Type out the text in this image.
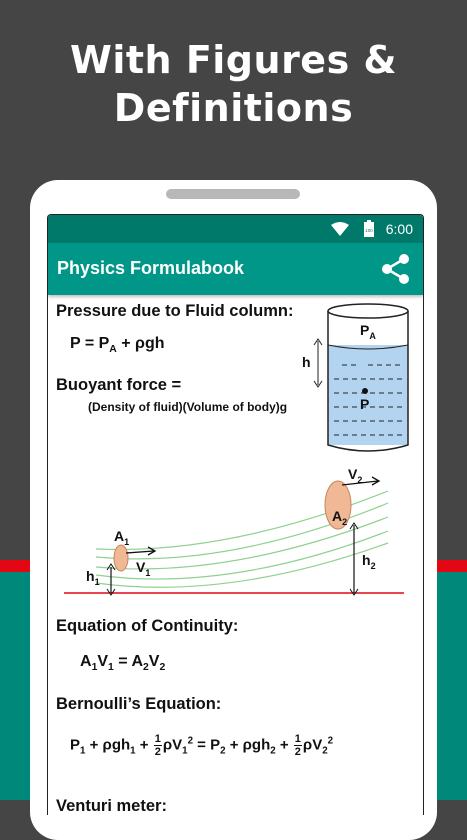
With Figures &
Definitions
100 6:00
Physics Formulabook
Pressure due to Fluid column:
$P = P_A + \rho gh$
Buoyant force =
(Density of fluid)(Volume of body)g
h
$P_A$
P
$A_1$
$V_1$
$h_1$
$A_2$
$V_2$
$h_2$
Equation of Continuity:
$A_1V_1 = A_2V_2$
Bernoulli’s Equation:
$P_1 + \rho gh_1 + \frac{1}{2} \rho V_1^2 = P_2 + \rho gh_2 + \frac{1}{2} \rho V_2^2$
Venturi meter:
